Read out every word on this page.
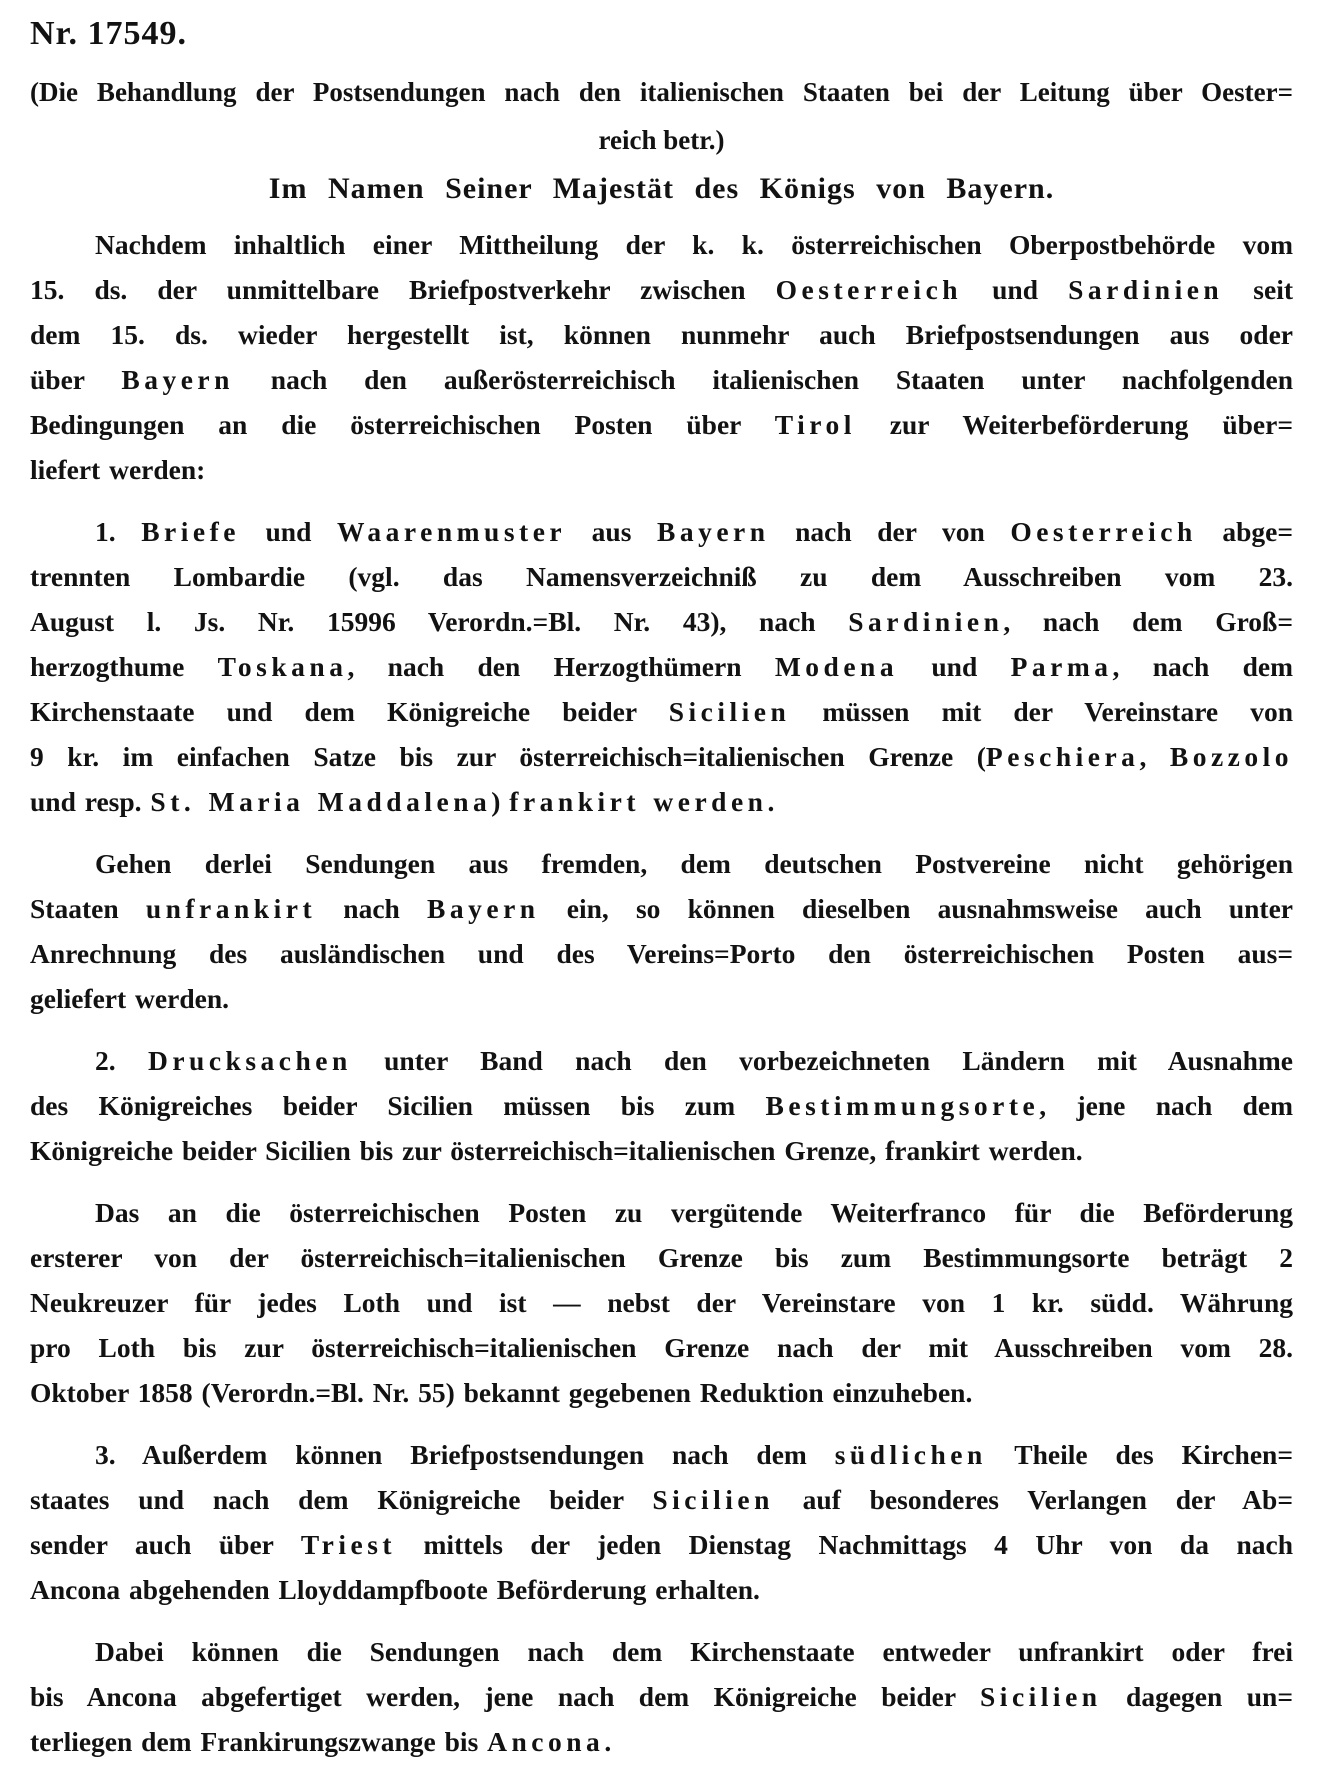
Nr. 17549.
(Die Behandlung der Postsendungen nach den italienischen Staaten bei der Leitung über Oester=
reich betr.)
Im Namen Seiner Majestät des Königs von Bayern.
Nachdem inhaltlich einer Mittheilung der k. k. österreichischen Oberpostbehörde vom
15. ds. der unmittelbare Briefpostverkehr zwischen Oesterreich und Sardinien seit
dem 15. ds. wieder hergestellt ist, können nunmehr auch Briefpostsendungen aus oder
über Bayern nach den außerösterreichisch italienischen Staaten unter nachfolgenden
Bedingungen an die österreichischen Posten über Tirol zur Weiterbeförderung über=
liefert werden:
1. Briefe und Waarenmuster aus Bayern nach der von Oesterreich abge=
trennten Lombardie (vgl. das Namensverzeichniß zu dem Ausschreiben vom 23.
August l. Js. Nr. 15996 Verordn.=Bl. Nr. 43), nach Sardinien, nach dem Groß=
herzogthume Toskana, nach den Herzogthümern Modena und Parma, nach dem
Kirchenstaate und dem Königreiche beider Sicilien müssen mit der Vereinstare von
9 kr. im einfachen Satze bis zur österreichisch=italienischen Grenze (Peschiera, Bozzolo
und resp. St. Maria Maddalena) frankirt werden.
Gehen derlei Sendungen aus fremden, dem deutschen Postvereine nicht gehörigen
Staaten unfrankirt nach Bayern ein, so können dieselben ausnahmsweise auch unter
Anrechnung des ausländischen und des Vereins=Porto den österreichischen Posten aus=
geliefert werden.
2. Drucksachen unter Band nach den vorbezeichneten Ländern mit Ausnahme
des Königreiches beider Sicilien müssen bis zum Bestimmungsorte, jene nach dem
Königreiche beider Sicilien bis zur österreichisch=italienischen Grenze, frankirt werden.
Das an die österreichischen Posten zu vergütende Weiterfranco für die Beförderung
ersterer von der österreichisch=italienischen Grenze bis zum Bestimmungsorte beträgt 2
Neukreuzer für jedes Loth und ist — nebst der Vereinstare von 1 kr. südd. Währung
pro Loth bis zur österreichisch=italienischen Grenze nach der mit Ausschreiben vom 28.
Oktober 1858 (Verordn.=Bl. Nr. 55) bekannt gegebenen Reduktion einzuheben.
3. Außerdem können Briefpostsendungen nach dem südlichen Theile des Kirchen=
staates und nach dem Königreiche beider Sicilien auf besonderes Verlangen der Ab=
sender auch über Triest mittels der jeden Dienstag Nachmittags 4 Uhr von da nach
Ancona abgehenden Lloyddampfboote Beförderung erhalten.
Dabei können die Sendungen nach dem Kirchenstaate entweder unfrankirt oder frei
bis Ancona abgefertiget werden, jene nach dem Königreiche beider Sicilien dagegen un=
terliegen dem Frankirungszwange bis Ancona.
